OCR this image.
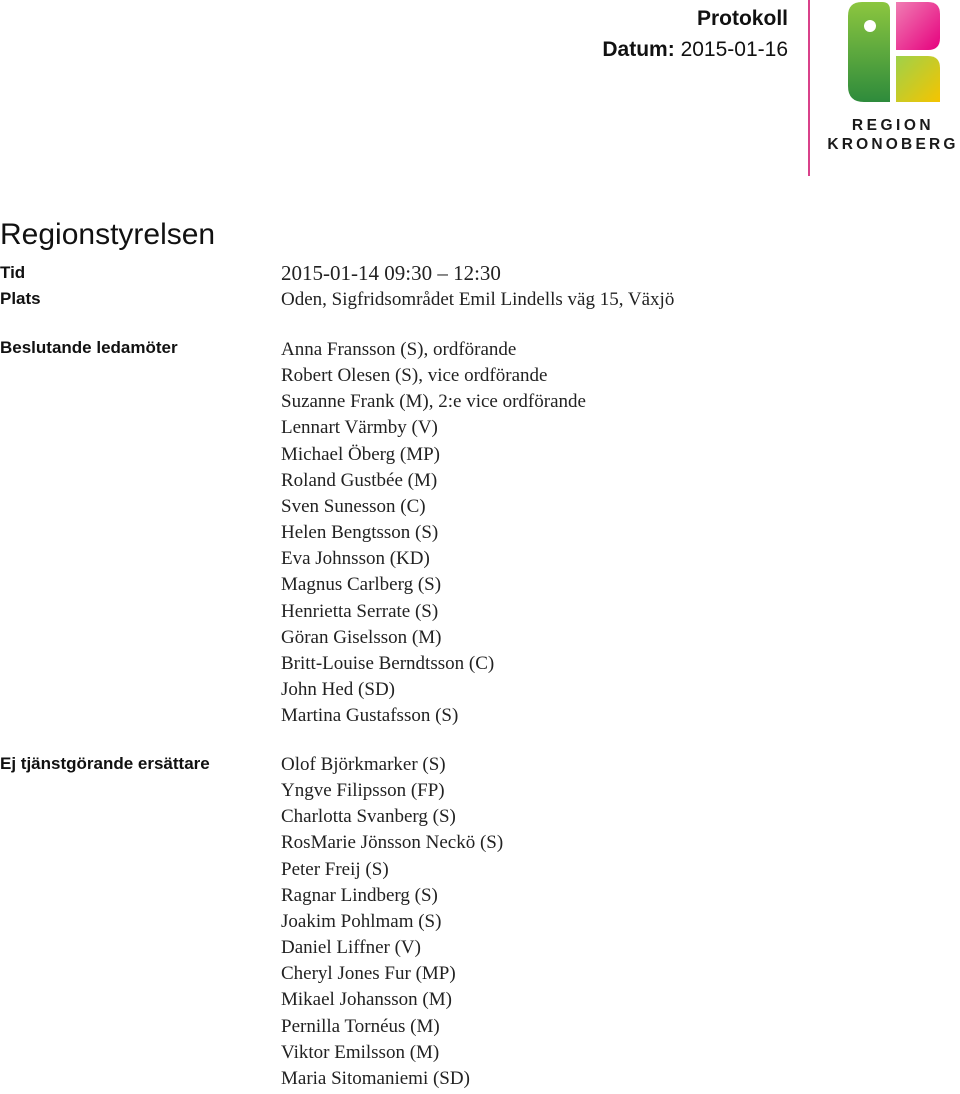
Protokoll
Datum: 2015-01-16
REGION
KRONOBERG
Regionstyrelsen
Tid	2015-01-14 09:30 – 12:30
Plats	Oden, Sigfridsområdet Emil Lindells väg 15, Växjö
Beslutande ledamöter	Anna Fransson (S), ordförande
Robert Olesen (S), vice ordförande
Suzanne Frank (M), 2:e vice ordförande
Lennart Värmby (V)
Michael Öberg (MP)
Roland Gustbée (M)
Sven Sunesson (C)
Helen Bengtsson (S)
Eva Johnsson (KD)
Magnus Carlberg (S)
Henrietta Serrate (S)
Göran Giselsson (M)
Britt-Louise Berndtsson (C)
John Hed (SD)
Martina Gustafsson (S)
Ej tjänstgörande ersättare	Olof Björkmarker (S)
Yngve Filipsson (FP)
Charlotta Svanberg (S)
RosMarie Jönsson Neckö (S)
Peter Freij (S)
Ragnar Lindberg (S)
Joakim Pohlmam (S)
Daniel Liffner (V)
Cheryl Jones Fur (MP)
Mikael Johansson (M)
Pernilla Tornéus (M)
Viktor Emilsson (M)
Maria Sitomaniemi (SD)
